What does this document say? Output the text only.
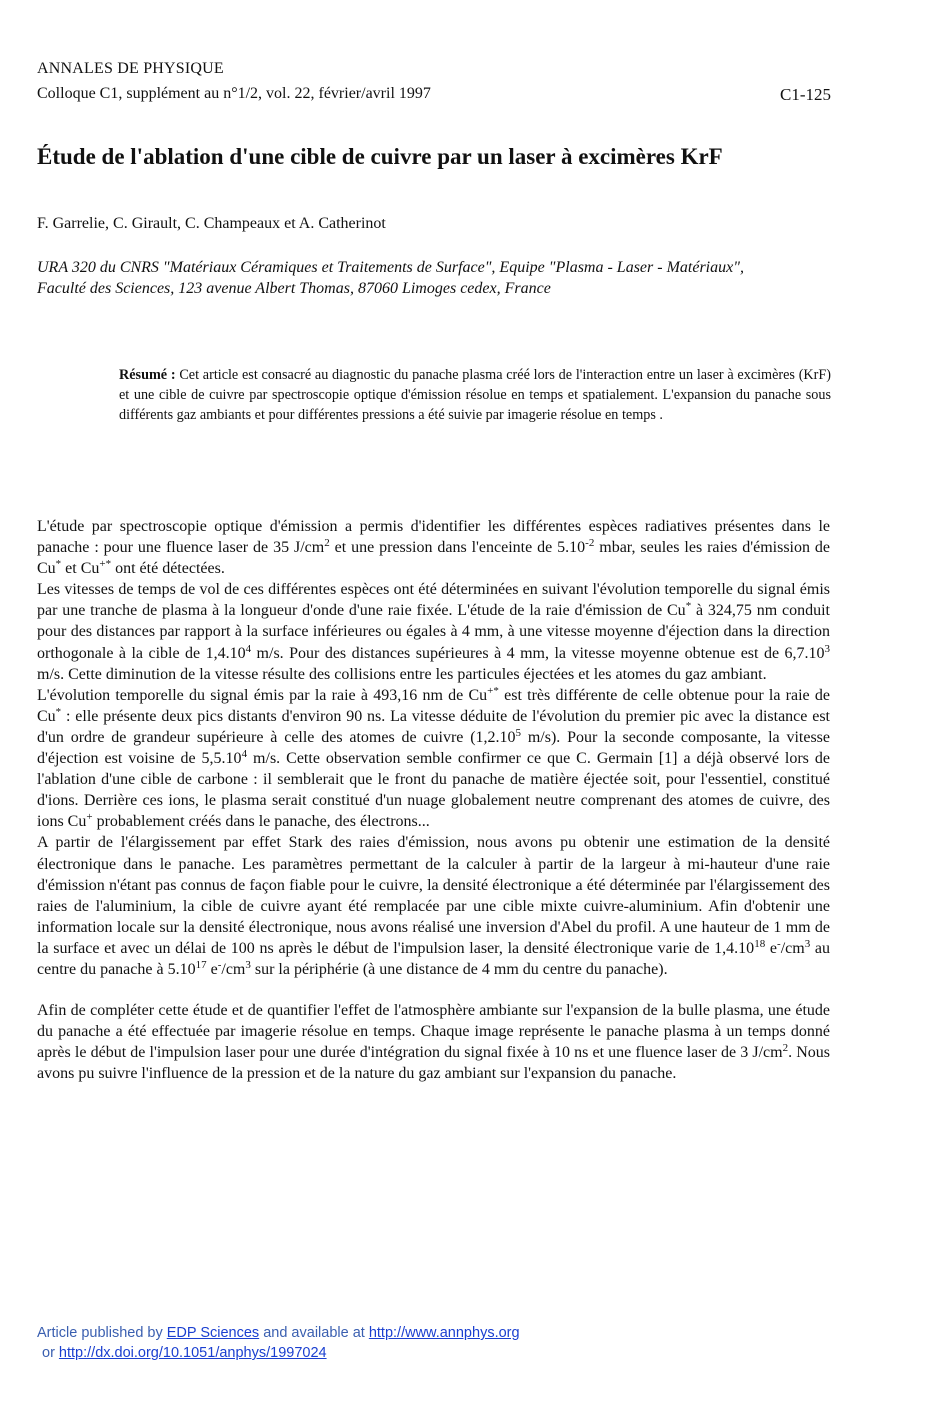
ANNALES DE PHYSIQUE
Colloque C1, supplément au n°1/2, vol. 22, février/avril 1997	C1-125
Étude de l'ablation d'une cible de cuivre par un laser à excimères KrF
F. Garrelie, C. Girault, C. Champeaux et A. Catherinot
URA 320 du CNRS "Matériaux Céramiques et Traitements de Surface", Equipe "Plasma - Laser - Matériaux", Faculté des Sciences, 123 avenue Albert Thomas, 87060 Limoges cedex, France
Résumé : Cet article est consacré au diagnostic du panache plasma créé lors de l'interaction entre un laser à excimères (KrF) et une cible de cuivre par spectroscopie optique d'émission résolue en temps et spatialement. L'expansion du panache sous différents gaz ambiants et pour différentes pressions a été suivie par imagerie résolue en temps .

L'étude par spectroscopie optique d'émission a permis d'identifier les différentes espèces radiatives présentes dans le panache : pour une fluence laser de 35 $J/cm^2$ et une pression dans l'enceinte de $5.10^{-2}$ mbar, seules les raies d'émission de Cu* et Cu+* ont été détectées.

Les vitesses de temps de vol de ces différentes espèces ont été déterminées en suivant l'évolution temporelle du signal émis par une tranche de plasma à la longueur d'onde d'une raie fixée. L'étude de la raie d'émission de Cu* à 324,75 nm conduit pour des distances par rapport à la surface inférieures ou égales à 4 mm, à une vitesse moyenne d'éjection dans la direction orthogonale à la cible de 1,4.10$^4$ m/s. Pour des distances supérieures à 4 mm, la vitesse moyenne obtenue est de 6,7.10$^3$ m/s. Cette diminution de la vitesse résulte des collisions entre les particules éjectées et les atomes du gaz ambiant.

L'évolution temporelle du signal émis par la raie à 493,16 nm de Cu+* est très différente de celle obtenue pour la raie de Cu* : elle présente deux pics distants d'environ 90 ns. La vitesse déduite de l'évolution du premier pic avec la distance est d'un ordre de grandeur supérieure à celle des atomes de cuivre (1,2.10$^5$ m/s). Pour la seconde composante, la vitesse d'éjection est voisine de 5,5.10$^4$ m/s. Cette observation semble confirmer ce que C. Germain [1] a déjà observé lors de l'ablation d'une cible de carbone : il semblerait que le front du panache de matière éjectée soit, pour l'essentiel, constitué d'ions. Derrière ces ions, le plasma serait constitué d'un nuage globalement neutre comprenant des atomes de cuivre, des ions Cu+ probablement créés dans le panache, des électrons...

A partir de l'élargissement par effet Stark des raies d'émission, nous avons pu obtenir une estimation de la densité électronique dans le panache. Les paramètres permettant de la calculer à partir de la largeur à mi-hauteur d'une raie d'émission n'étant pas connus de façon fiable pour le cuivre, la densité électronique a été déterminée par l'élargissement des raies de l'aluminium, la cible de cuivre ayant été remplacée par une cible mixte cuivre-aluminium. Afin d'obtenir une information locale sur la densité électronique, nous avons réalisé une inversion d'Abel du profil. A une hauteur de 1 mm de la surface et avec un délai de 100 ns après le début de l'impulsion laser, la densité électronique varie de 1,4.10$^{18}$ $e^-/cm^3$ au centre du panache à 5.10$^{17}$ $e^-/cm^3$ sur la périphérie (à une distance de 4 mm du centre du panache).

Afin de compléter cette étude et de quantifier l'effet de l'atmosphère ambiante sur l'expansion de la bulle plasma, une étude du panache a été effectuée par imagerie résolue en temps. Chaque image représente le panache plasma à un temps donné après le début de l'impulsion laser pour une durée d'intégration du signal fixée à 10 ns et une fluence laser de 3 $J/cm^2$. Nous avons pu suivre l'influence de la pression et de la nature du gaz ambiant sur l'expansion du panache.

Article published by EDP Sciences and available at http://www.annphys.org
or http://dx.doi.org/10.1051/anphys/1997024
